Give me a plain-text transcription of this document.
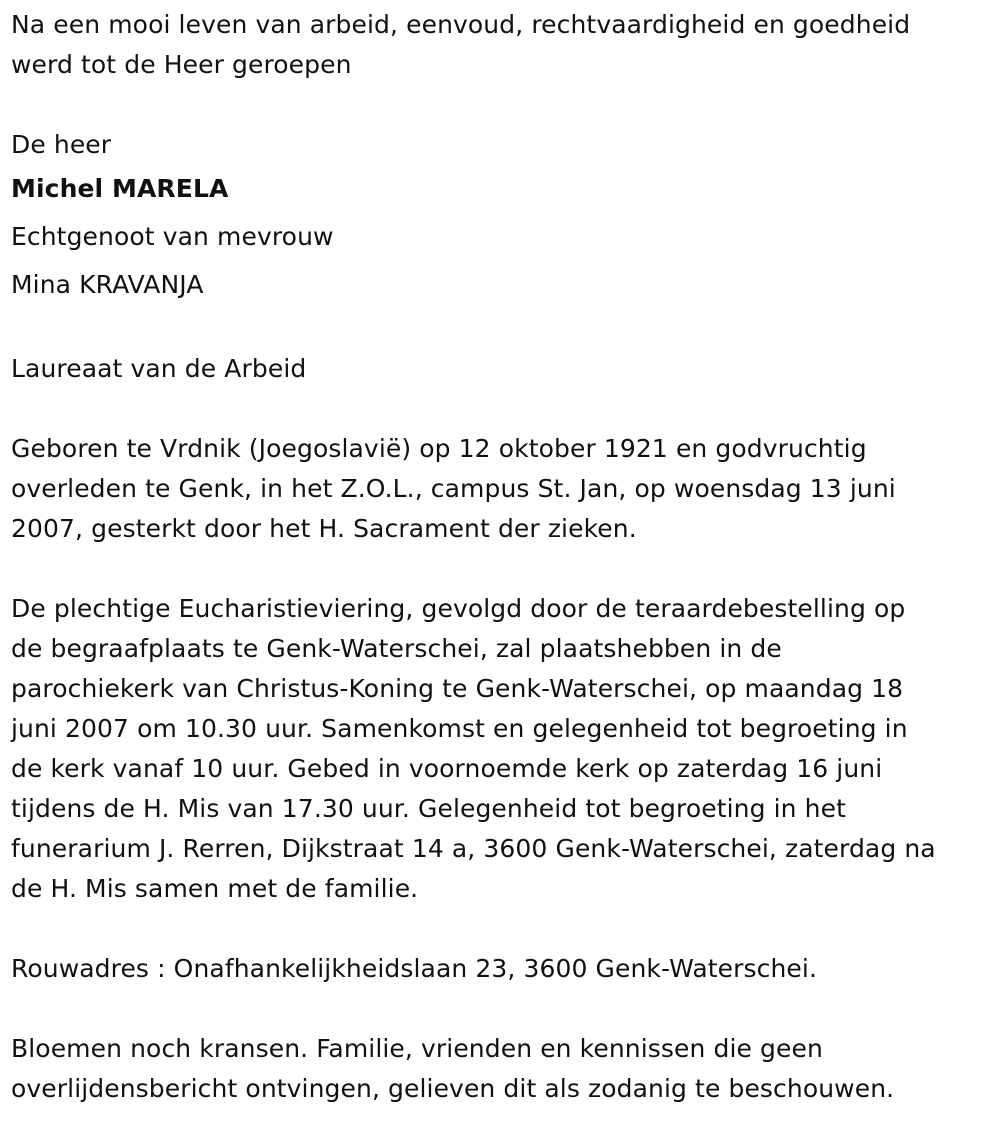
Na een mooi leven van arbeid, eenvoud, rechtvaardigheid en goedheid
werd tot de Heer geroepen
De heer
Michel MARELA
Echtgenoot van mevrouw
Mina KRAVANJA
Laureaat van de Arbeid
Geboren te Vrdnik (Joegoslavië) op 12 oktober 1921 en godvruchtig
overleden te Genk, in het Z.O.L., campus St. Jan, op woensdag 13 juni
2007, gesterkt door het H. Sacrament der zieken.
De plechtige Eucharistieviering, gevolgd door de teraardebestelling op
de begraafplaats te Genk-Waterschei, zal plaatshebben in de
parochiekerk van Christus-Koning te Genk-Waterschei, op maandag 18
juni 2007 om 10.30 uur. Samenkomst en gelegenheid tot begroeting in
de kerk vanaf 10 uur. Gebed in voornoemde kerk op zaterdag 16 juni
tijdens de H. Mis van 17.30 uur. Gelegenheid tot begroeting in het
funerarium J. Rerren, Dijkstraat 14 a, 3600 Genk-Waterschei, zaterdag na
de H. Mis samen met de familie.
Rouwadres : Onafhankelijkheidslaan 23, 3600 Genk-Waterschei.
Bloemen noch kransen. Familie, vrienden en kennissen die geen
overlijdensbericht ontvingen, gelieven dit als zodanig te beschouwen.
